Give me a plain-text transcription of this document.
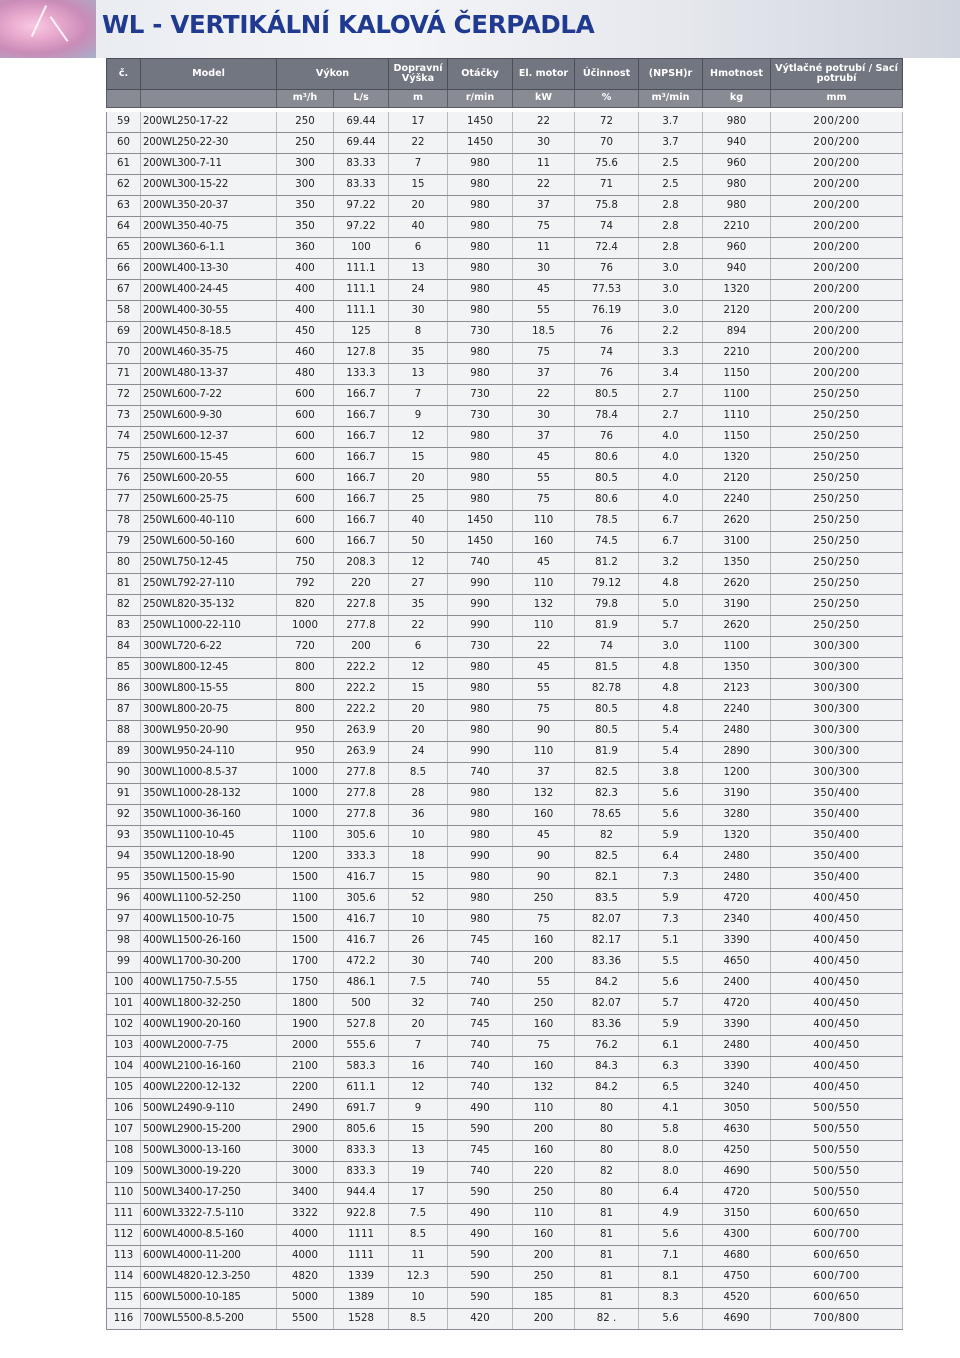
WL - VERTIKÁLNÍ KALOVÁ ČERPADLA
č.	Model	Výkon		Dopravní Výška	Otáčky	El. motor	Účinnost	(NPSH)r	Hmotnost	Výtlačné potrubí / Sací potrubí
		m³/h	L/s	m	r/min	kW	%	m³/min	kg	mm

59	200WL250-17-22	250	69.44	17	1450	22	72	3.7	980	200/200
60	200WL250-22-30	250	69.44	22	1450	30	70	3.7	940	200/200
61	200WL300-7-11	300	83.33	7	980	11	75.6	2.5	960	200/200
62	200WL300-15-22	300	83.33	15	980	22	71	2.5	980	200/200
63	200WL350-20-37	350	97.22	20	980	37	75.8	2.8	980	200/200
64	200WL350-40-75	350	97.22	40	980	75	74	2.8	2210	200/200
65	200WL360-6-1.1	360	100	6	980	11	72.4	2.8	960	200/200
66	200WL400-13-30	400	111.1	13	980	30	76	3.0	940	200/200
67	200WL400-24-45	400	111.1	24	980	45	77.53	3.0	1320	200/200
58	200WL400-30-55	400	111.1	30	980	55	76.19	3.0	2120	200/200
69	200WL450-8-18.5	450	125	8	730	18.5	76	2.2	894	200/200
70	200WL460-35-75	460	127.8	35	980	75	74	3.3	2210	200/200
71	200WL480-13-37	480	133.3	13	980	37	76	3.4	1150	200/200
72	250WL600-7-22	600	166.7	7	730	22	80.5	2.7	1100	250/250
73	250WL600-9-30	600	166.7	9	730	30	78.4	2.7	1110	250/250
74	250WL600-12-37	600	166.7	12	980	37	76	4.0	1150	250/250
75	250WL600-15-45	600	166.7	15	980	45	80.6	4.0	1320	250/250
76	250WL600-20-55	600	166.7	20	980	55	80.5	4.0	2120	250/250
77	250WL600-25-75	600	166.7	25	980	75	80.6	4.0	2240	250/250
78	250WL600-40-110	600	166.7	40	1450	110	78.5	6.7	2620	250/250
79	250WL600-50-160	600	166.7	50	1450	160	74.5	6.7	3100	250/250
80	250WL750-12-45	750	208.3	12	740	45	81.2	3.2	1350	250/250
81	250WL792-27-110	792	220	27	990	110	79.12	4.8	2620	250/250
82	250WL820-35-132	820	227.8	35	990	132	79.8	5.0	3190	250/250
83	250WL1000-22-110	1000	277.8	22	990	110	81.9	5.7	2620	250/250
84	300WL720-6-22	720	200	6	730	22	74	3.0	1100	300/300
85	300WL800-12-45	800	222.2	12	980	45	81.5	4.8	1350	300/300
86	300WL800-15-55	800	222.2	15	980	55	82.78	4.8	2123	300/300
87	300WL800-20-75	800	222.2	20	980	75	80.5	4.8	2240	300/300
88	300WL950-20-90	950	263.9	20	980	90	80.5	5.4	2480	300/300
89	300WL950-24-110	950	263.9	24	990	110	81.9	5.4	2890	300/300
90	300WL1000-8.5-37	1000	277.8	8.5	740	37	82.5	3.8	1200	300/300
91	350WL1000-28-132	1000	277.8	28	980	132	82.3	5.6	3190	350/400
92	350WL1000-36-160	1000	277.8	36	980	160	78.65	5.6	3280	350/400
93	350WL1100-10-45	1100	305.6	10	980	45	82	5.9	1320	350/400
94	350WL1200-18-90	1200	333.3	18	990	90	82.5	6.4	2480	350/400
95	350WL1500-15-90	1500	416.7	15	980	90	82.1	7.3	2480	350/400
96	400WL1100-52-250	1100	305.6	52	980	250	83.5	5.9	4720	400/450
97	400WL1500-10-75	1500	416.7	10	980	75	82.07	7.3	2340	400/450
98	400WL1500-26-160	1500	416.7	26	745	160	82.17	5.1	3390	400/450
99	400WL1700-30-200	1700	472.2	30	740	200	83.36	5.5	4650	400/450
100	400WL1750-7.5-55	1750	486.1	7.5	740	55	84.2	5.6	2400	400/450
101	400WL1800-32-250	1800	500	32	740	250	82.07	5.7	4720	400/450
102	400WL1900-20-160	1900	527.8	20	745	160	83.36	5.9	3390	400/450
103	400WL2000-7-75	2000	555.6	7	740	75	76.2	6.1	2480	400/450
104	400WL2100-16-160	2100	583.3	16	740	160	84.3	6.3	3390	400/450
105	400WL2200-12-132	2200	611.1	12	740	132	84.2	6.5	3240	400/450
106	500WL2490-9-110	2490	691.7	9	490	110	80	4.1	3050	500/550
107	500WL2900-15-200	2900	805.6	15	590	200	80	5.8	4630	500/550
108	500WL3000-13-160	3000	833.3	13	745	160	80	8.0	4250	500/550
109	500WL3000-19-220	3000	833.3	19	740	220	82	8.0	4690	500/550
110	500WL3400-17-250	3400	944.4	17	590	250	80	6.4	4720	500/550
111	600WL3322-7.5-110	3322	922.8	7.5	490	110	81	4.9	3150	600/650
112	600WL4000-8.5-160	4000	1111	8.5	490	160	81	5.6	4300	600/700
113	600WL4000-11-200	4000	1111	11	590	200	81	7.1	4680	600/650
114	600WL4820-12.3-250	4820	1339	12.3	590	250	81	8.1	4750	600/700
115	600WL5000-10-185	5000	1389	10	590	185	81	8.3	4520	600/650
116	700WL5500-8.5-200	5500	1528	8.5	420	200	82 .	5.6	4690	700/800
